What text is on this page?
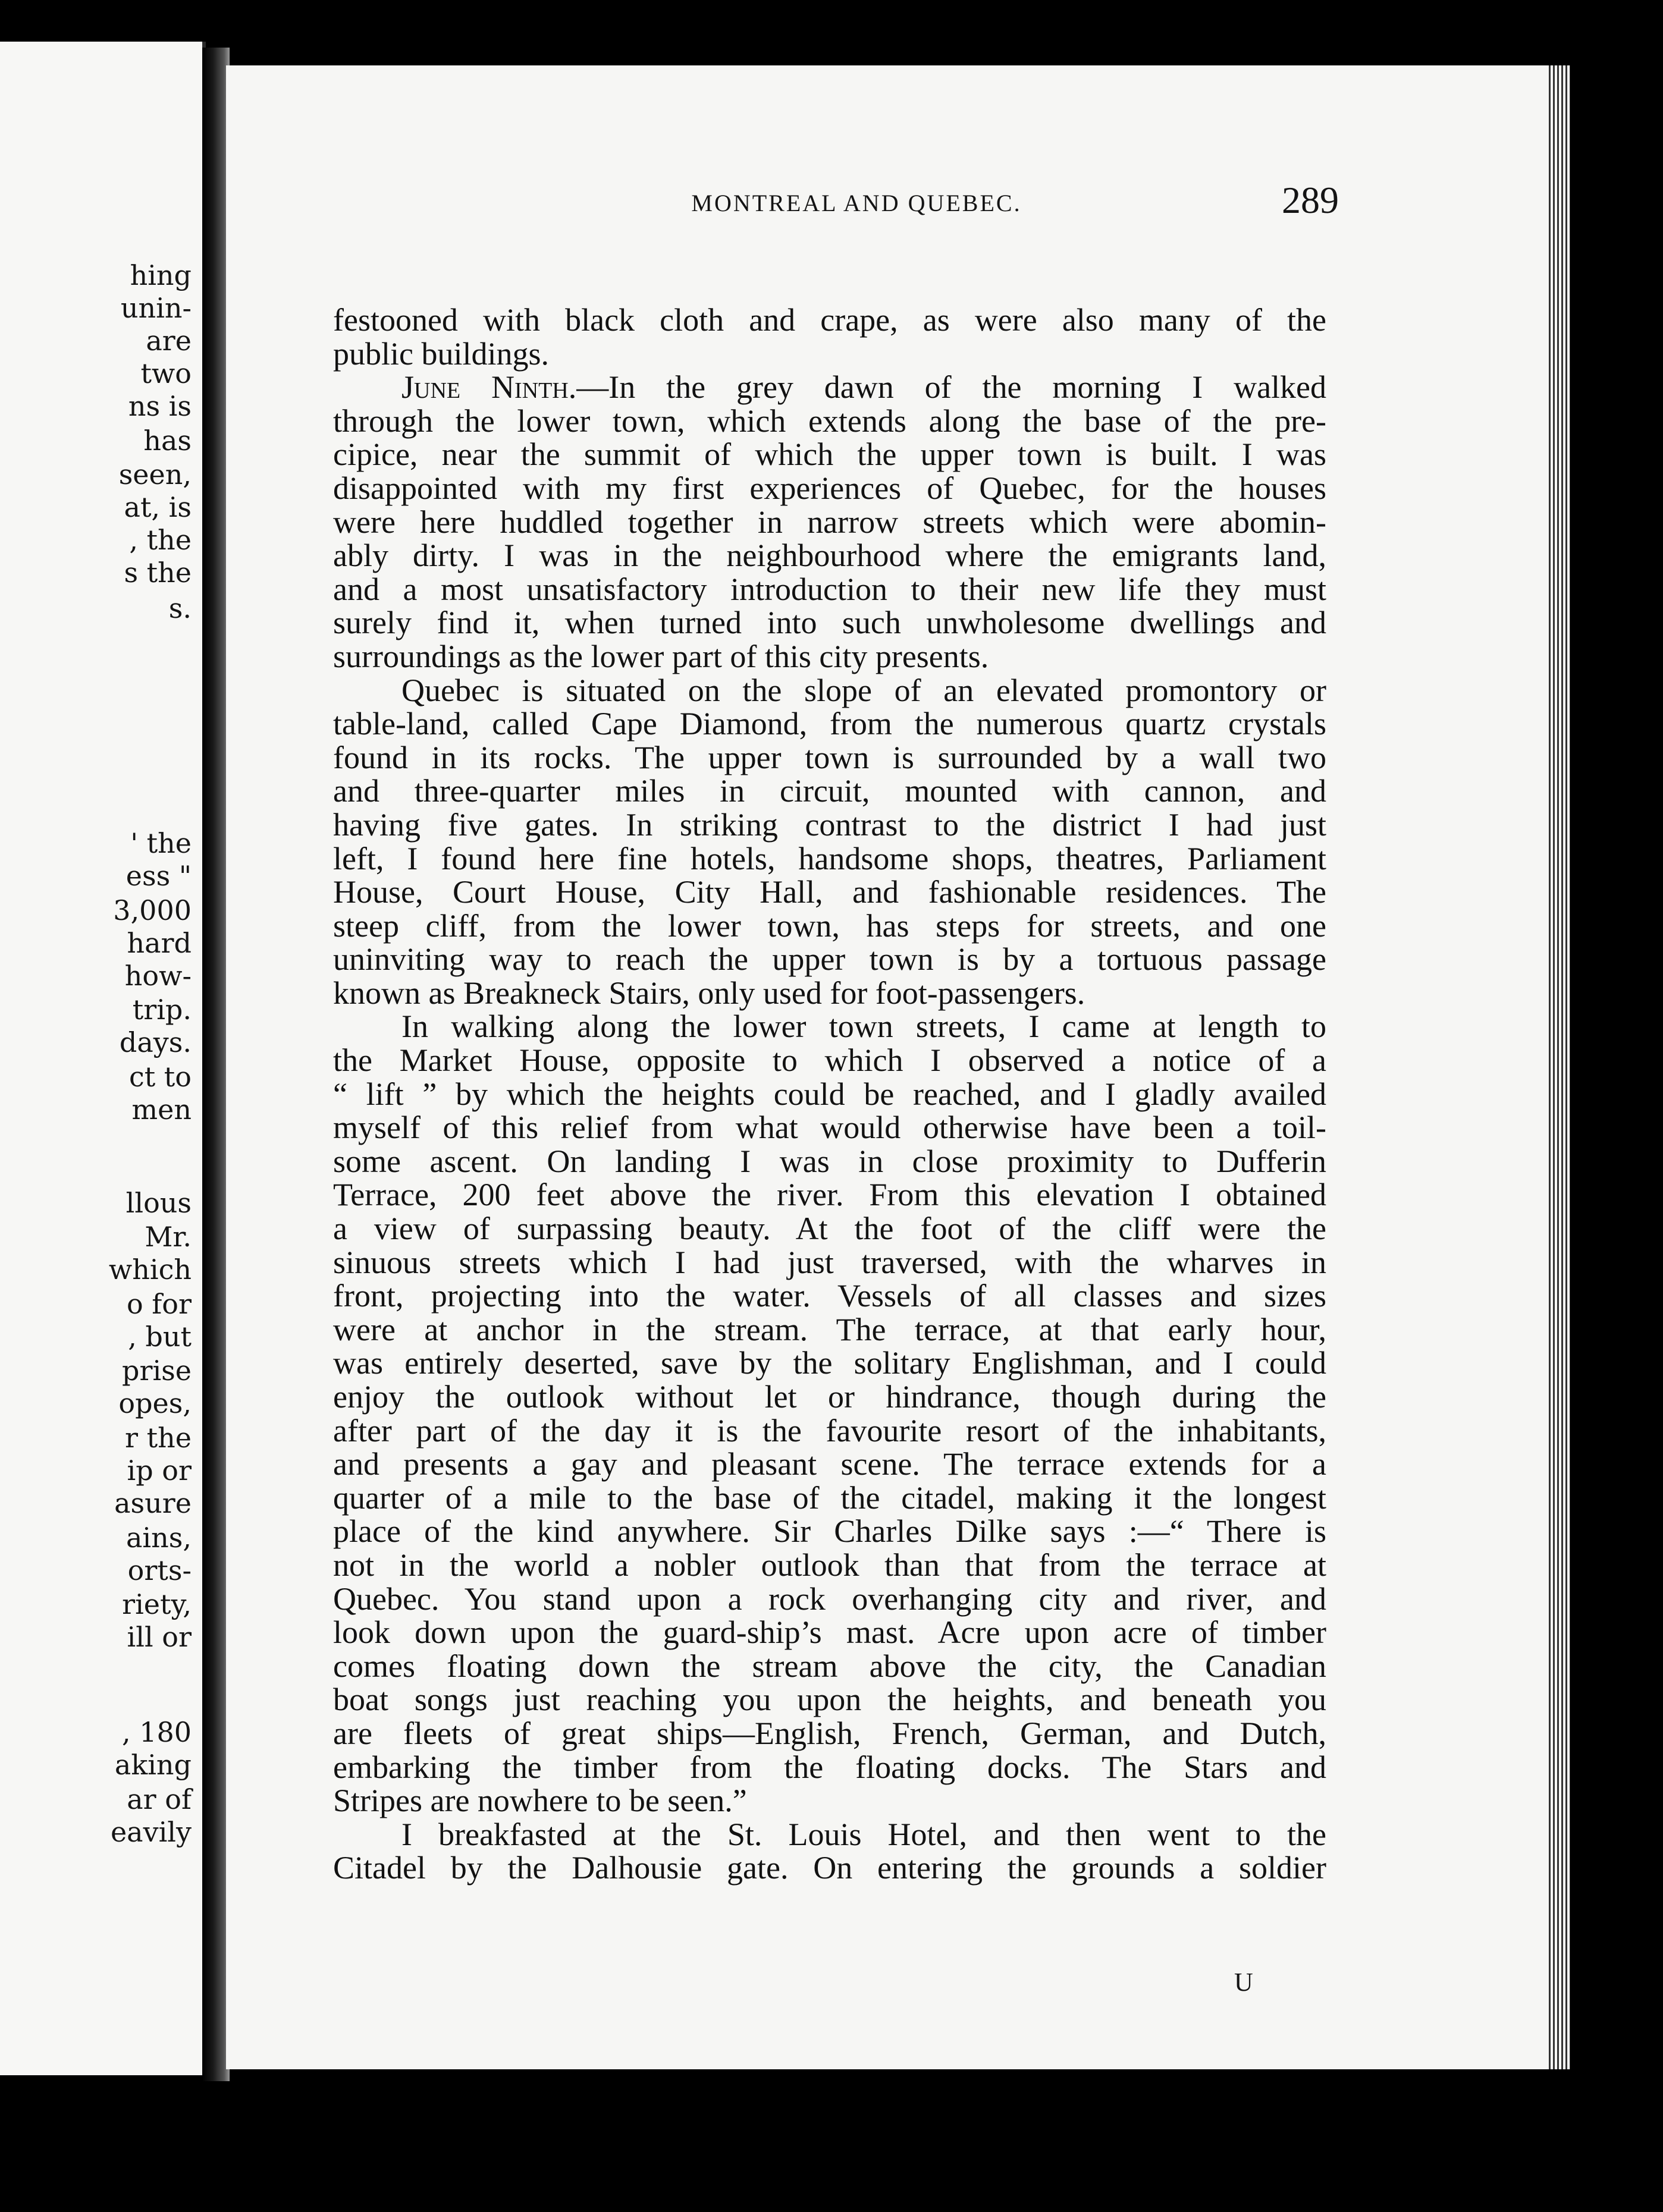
hing
unin-
are
two
ns is
has
seen,
at, is
, the
s the
s.
' the
ess "
3,000
hard
how-
trip.
days.
ct to
men
llous
Mr.
which
o for
, but
prise
opes,
r the
ip or
asure
ains,
orts-
riety,
ill or
, 180
aking
ar of
eavily
MONTREAL AND QUEBEC.	289
festooned with black cloth and crape, as were also many of the
public buildings.
June Ninth.—In the grey dawn of the morning I walked
through the lower town, which extends along the base of the pre-
cipice, near the summit of which the upper town is built. I was
disappointed with my first experiences of Quebec, for the houses
were here huddled together in narrow streets which were abomin-
ably dirty. I was in the neighbourhood where the emigrants land,
and a most unsatisfactory introduction to their new life they must
surely find it, when turned into such unwholesome dwellings and
surroundings as the lower part of this city presents.
Quebec is situated on the slope of an elevated promontory or
table-land, called Cape Diamond, from the numerous quartz crystals
found in its rocks. The upper town is surrounded by a wall two
and three-quarter miles in circuit, mounted with cannon, and
having five gates. In striking contrast to the district I had just
left, I found here fine hotels, handsome shops, theatres, Parliament
House, Court House, City Hall, and fashionable residences. The
steep cliff, from the lower town, has steps for streets, and one
uninviting way to reach the upper town is by a tortuous passage
known as Breakneck Stairs, only used for foot-passengers.
In walking along the lower town streets, I came at length to
the Market House, opposite to which I observed a notice of a
“ lift ” by which the heights could be reached, and I gladly availed
myself of this relief from what would otherwise have been a toil-
some ascent. On landing I was in close proximity to Dufferin
Terrace, 200 feet above the river. From this elevation I obtained
a view of surpassing beauty. At the foot of the cliff were the
sinuous streets which I had just traversed, with the wharves in
front, projecting into the water. Vessels of all classes and sizes
were at anchor in the stream. The terrace, at that early hour,
was entirely deserted, save by the solitary Englishman, and I could
enjoy the outlook without let or hindrance, though during the
after part of the day it is the favourite resort of the inhabitants,
and presents a gay and pleasant scene. The terrace extends for a
quarter of a mile to the base of the citadel, making it the longest
place of the kind anywhere. Sir Charles Dilke says :—“ There is
not in the world a nobler outlook than that from the terrace at
Quebec. You stand upon a rock overhanging city and river, and
look down upon the guard-ship’s mast. Acre upon acre of timber
comes floating down the stream above the city, the Canadian
boat songs just reaching you upon the heights, and beneath you
are fleets of great ships—English, French, German, and Dutch,
embarking the timber from the floating docks. The Stars and
Stripes are nowhere to be seen.”
I breakfasted at the St. Louis Hotel, and then went to the
Citadel by the Dalhousie gate. On entering the grounds a soldier
U
